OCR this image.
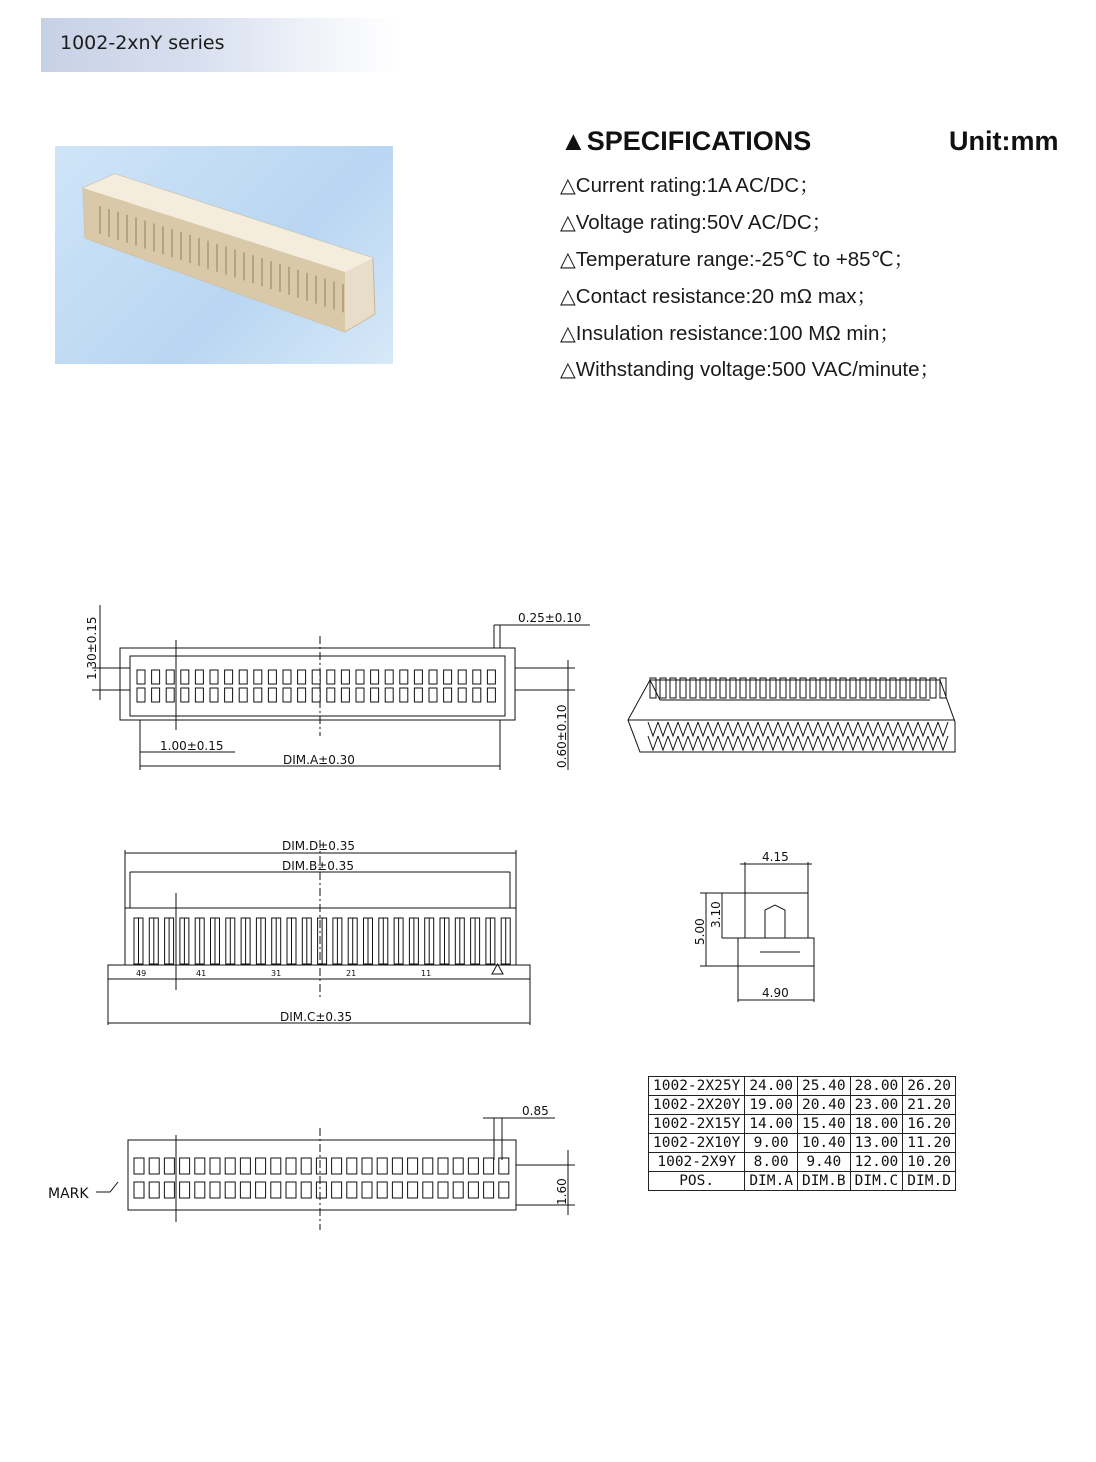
1002-2xnY series
▲SPECIFICATIONS	Unit:mm
△Current rating:1A AC/DC；
△Voltage rating:50V AC/DC；
△Temperature range:-25℃ to +85℃；
△Contact resistance:20 mΩ max；
△Insulation resistance:100 MΩ min；
△Withstanding voltage:500 VAC/minute；
1.30±0.15	0.25±0.10
0.60±0.10
1.00±0.15
DIM.A±0.30
DIM.D±0.35
DIM.B±0.35
DIM.C±0.35
49	41	31	21	11
4.15
5.00
3.10
4.90
0.85
1.60
MARK
1002-2X25Y	24.00	25.40	28.00	26.20
1002-2X20Y	19.00	20.40	23.00	21.20
1002-2X15Y	14.00	15.40	18.00	16.20
1002-2X10Y	9.00	10.40	13.00	11.20
1002-2X9Y	8.00	9.40	12.00	10.20
POS.	DIM.A	DIM.B	DIM.C	DIM.D
